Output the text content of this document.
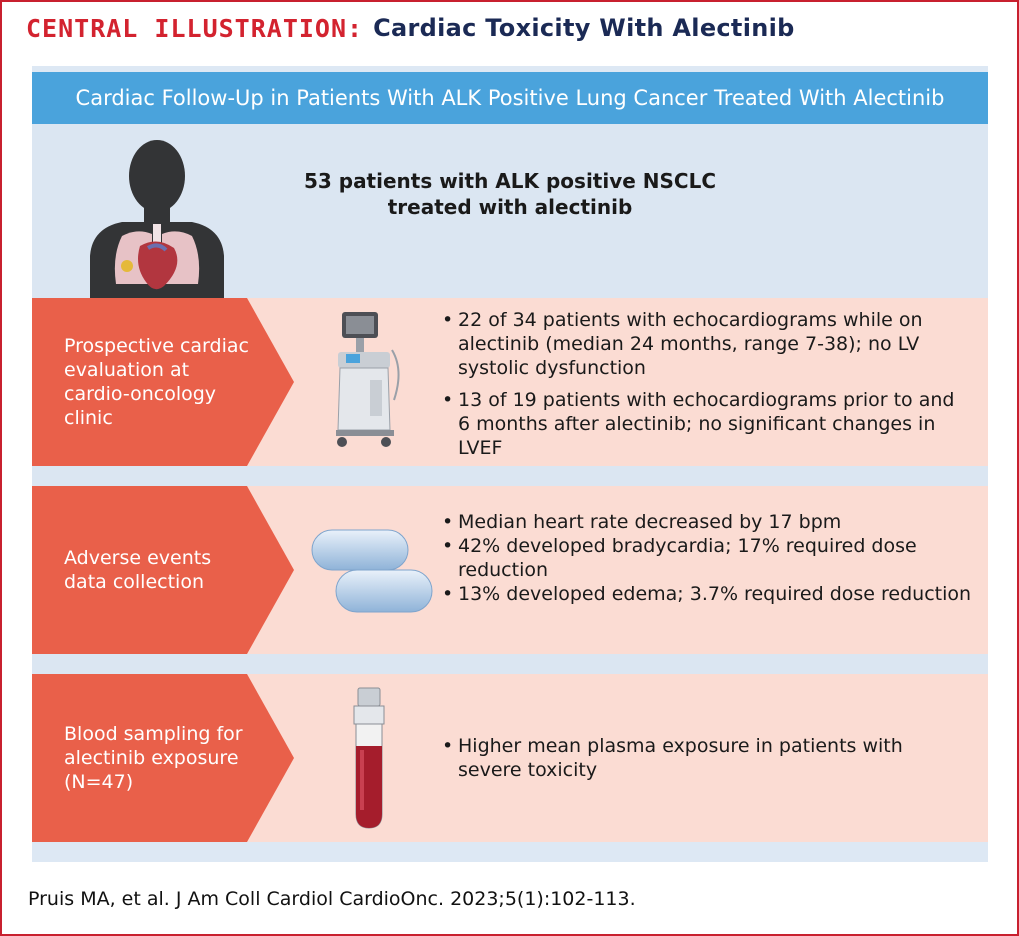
CENTRAL ILLUSTRATION: Cardiac Toxicity With Alectinib
Cardiac Follow-Up in Patients With ALK Positive Lung Cancer Treated With Alectinib
53 patients with ALK positive NSCLC
treated with alectinib
Prospective cardiac
evaluation at
cardio-oncology
clinic
• 22 of 34 patients with echocardiograms while on alectinib (median 24 months, range 7-38); no LV systolic dysfunction
• 13 of 19 patients with echocardiograms prior to and 6 months after alectinib; no significant changes in LVEF
Adverse events
data collection
• Median heart rate decreased by 17 bpm
• 42% developed bradycardia; 17% required dose reduction
• 13% developed edema; 3.7% required dose reduction
Blood sampling for
alectinib exposure
(N=47)
• Higher mean plasma exposure in patients with severe toxicity
Pruis MA, et al. J Am Coll Cardiol CardioOnc. 2023;5(1):102-113.
